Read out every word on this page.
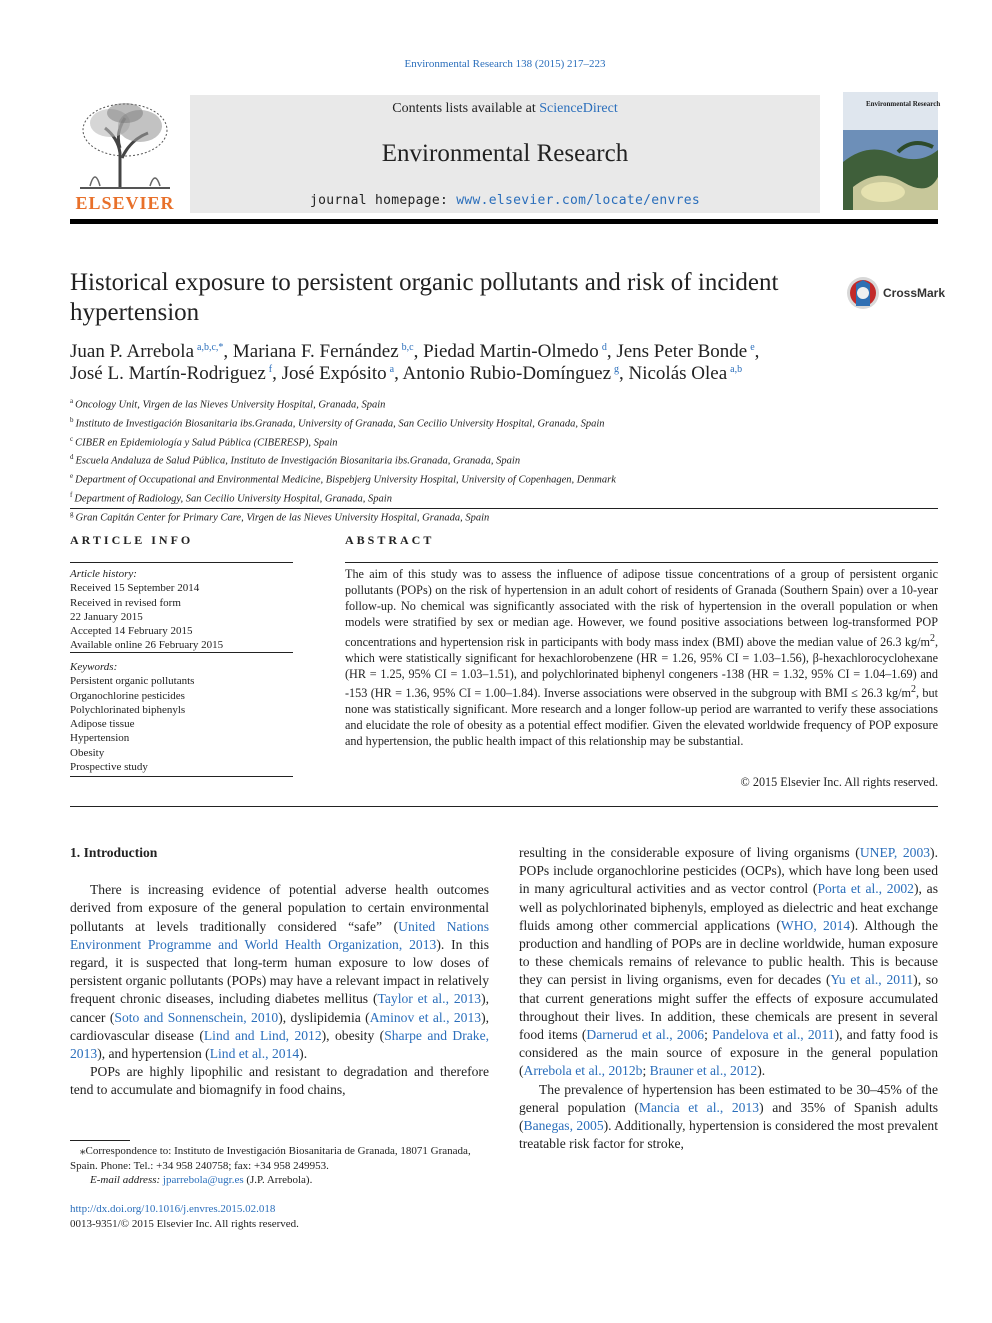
Environmental Research 138 (2015) 217–223
ELSEVIER
Contents lists available at ScienceDirect
Environmental Research
journal homepage: www.elsevier.com/locate/envres
Environmental Research
Historical exposure to persistent organic pollutants and risk of incident hypertension
CrossMark
Juan P. Arrebola $^{a,b,c,*}$, Mariana F. Fernández $^{b,c}$, Piedad Martin-Olmedo $^d$, Jens Peter Bonde $^e$,
José L. Martín-Rodriguez $^f$, José Expósito $^a$, Antonio Rubio-Domínguez $^g$, Nicolás Olea $^{a,b}$
$^a$ Oncology Unit, Virgen de las Nieves University Hospital, Granada, Spain
$^b$ Instituto de Investigación Biosanitaria ibs.Granada, University of Granada, San Cecilio University Hospital, Granada, Spain
$^c$ CIBER en Epidemiología y Salud Pública (CIBERESP), Spain
$^d$ Escuela Andaluza de Salud Pública, Instituto de Investigación Biosanitaria ibs.Granada, Granada, Spain
$^e$ Department of Occupational and Environmental Medicine, Bispebjerg University Hospital, University of Copenhagen, Denmark
$^f$ Department of Radiology, San Cecilio University Hospital, Granada, Spain
$^g$ Gran Capitán Center for Primary Care, Virgen de las Nieves University Hospital, Granada, Spain
ARTICLE INFO
Article history:
Received 15 September 2014
Received in revised form
22 January 2015
Accepted 14 February 2015
Available online 26 February 2015
Keywords:
Persistent organic pollutants
Organochlorine pesticides
Polychlorinated biphenyls
Adipose tissue
Hypertension
Obesity
Prospective study
ABSTRACT
The aim of this study was to assess the influence of adipose tissue concentrations of a group of persistent organic pollutants (POPs) on the risk of hypertension in an adult cohort of residents of Granada (Southern Spain) over a 10-year follow-up. No chemical was significantly associated with the risk of hypertension in the overall population or when models were stratified by sex or median age. However, we found positive associations between log-transformed POP concentrations and hypertension risk in participants with body mass index (BMI) above the median value of 26.3 $kg/m^2$, which were statistically significant for hexachlorobenzene (HR = 1.26, 95% CI = 1.03–1.56), β-hexachlorocyclohexane (HR = 1.25, 95% CI = 1.03–1.51), and polychlorinated biphenyl congeners -138 (HR = 1.32, 95% CI = 1.04–1.69) and -153 (HR = 1.36, 95% CI = 1.00–1.84). Inverse associations were observed in the subgroup with BMI ≤ 26.3 $kg/m^2$, but none was statistically significant. More research and a longer follow-up period are warranted to verify these associations and elucidate the role of obesity as a potential effect modifier. Given the elevated worldwide frequency of POP exposure and hypertension, the public health impact of this relationship may be substantial.
© 2015 Elsevier Inc. All rights reserved.

1. Introduction

There is increasing evidence of potential adverse health outcomes derived from exposure of the general population to certain environmental pollutants at levels traditionally considered “safe” (United Nations Environment Programme and World Health Organization, 2013). In this regard, it is suspected that long-term human exposure to low doses of persistent organic pollutants (POPs) may have a relevant impact in relatively frequent chronic diseases, including diabetes mellitus (Taylor et al., 2013), cancer (Soto and Sonnenschein, 2010), dyslipidemia (Aminov et al., 2013), cardiovascular disease (Lind and Lind, 2012), obesity (Sharpe and Drake, 2013), and hypertension (Lind et al., 2014).

POPs are highly lipophilic and resistant to degradation and therefore tend to accumulate and biomagnify in food chains,

resulting in the considerable exposure of living organisms (UNEP, 2003). POPs include organochlorine pesticides (OCPs), which have long been used in many agricultural activities and as vector control (Porta et al., 2002), as well as polychlorinated biphenyls, employed as dielectric and heat exchange fluids among other commercial applications (WHO, 2014). Although the production and handling of POPs are in decline worldwide, human exposure to these chemicals remains of relevance to public health. This is because they can persist in living organisms, even for decades (Yu et al., 2011), so that current generations might suffer the effects of exposure accumulated throughout their lives. In addition, these chemicals are present in several food items (Darnerud et al., 2006; Pandelova et al., 2011), and fatty food is considered as the main source of exposure in the general population (Arrebola et al., 2012b; Brauner et al., 2012).

The prevalence of hypertension has been estimated to be 30–45% of the general population (Mancia et al., 2013) and 35% of Spanish adults (Banegas, 2005). Additionally, hypertension is considered the most prevalent treatable risk factor for stroke,

⁎Correspondence to: Instituto de Investigación Biosanitaria de Granada, 18071 Granada, Spain. Phone: Tel.: +34 958 240758; fax: +34 958 249953.
E-mail address: jparrebola@ugr.es (J.P. Arrebola).
http://dx.doi.org/10.1016/j.envres.2015.02.018
0013-9351/© 2015 Elsevier Inc. All rights reserved.
